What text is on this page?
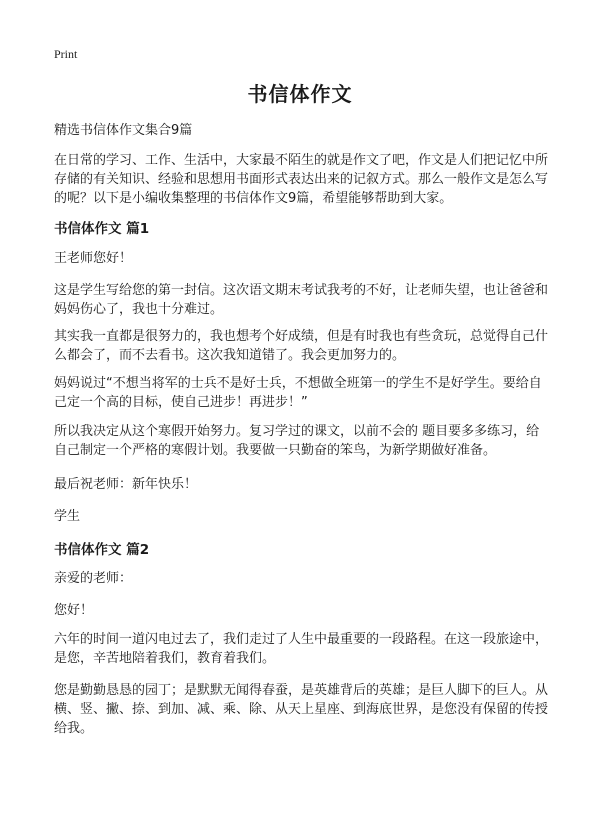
Print
书信体作文

精选书信体作文集合9篇

在日常的学习、工作、生活中，大家最不陌生的就是作文了吧，作文是人们把记忆中所存储的有关知识、经验和思想用书面形式表达出来的记叙方式。那么一般作文是怎么写的呢？以下是小编收集整理的书信体作文9篇，希望能够帮助到大家。

书信体作文 篇1

王老师您好！

这是学生写给您的第一封信。这次语文期末考试我考的不好，让老师失望，也让爸爸和妈妈伤心了，我也十分难过。

其实我一直都是很努力的，我也想考个好成绩，但是有时我也有些贪玩，总觉得自己什么都会了，而不去看书。这次我知道错了。我会更加努力的。

妈妈说过“不想当将军的士兵不是好士兵，不想做全班第一的学生不是好学生。要给自己定一个高的目标，使自己进步！再进步！”

所以我决定从这个寒假开始努力。复习学过的课文，以前不会的 题目要多多练习，给自己制定一个严格的寒假计划。我要做一只勤奋的笨鸟，为新学期做好准备。

最后祝老师：新年快乐！

学生

书信体作文 篇2

亲爱的老师：

您好！

六年的时间一道闪电过去了，我们走过了人生中最重要的一段路程。在这一段旅途中，是您，辛苦地陪着我们，教育着我们。

您是勤勤恳恳的园丁；是默默无闻得春蚕，是英雄背后的英雄；是巨人脚下的巨人。从横、竖、撇、捺、到加、减、乘、除、从天上星座、到海底世界，是您没有保留的传授给我。
